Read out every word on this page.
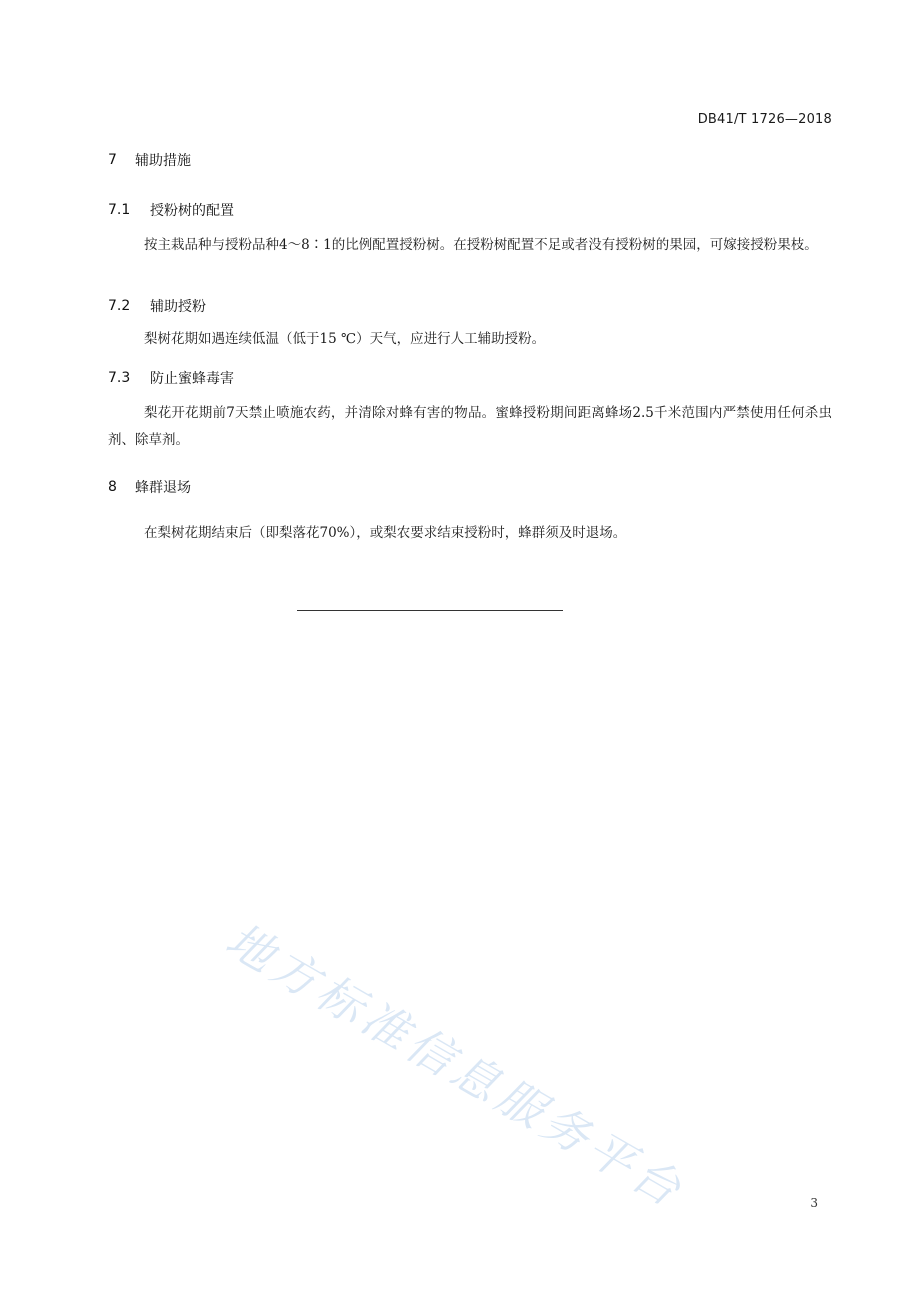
DB41/T 1726—2018
7	辅助措施
7.1	授粉树的配置

按主栽品种与授粉品种4～8∶1的比例配置授粉树。在授粉树配置不足或者没有授粉树的果园，可嫁接授粉果枝。

7.2	辅助授粉

梨树花期如遇连续低温（低于15 ℃）天气，应进行人工辅助授粉。

7.3	防止蜜蜂毒害

梨花开花期前7天禁止喷施农药，并清除对蜂有害的物品。蜜蜂授粉期间距离蜂场2.5千米范围内严禁使用任何杀虫剂、除草剂。

8	蜂群退场

在梨树花期结束后（即梨落花70%），或梨农要求结束授粉时，蜂群须及时退场。

地方标准信息服务平台	3
